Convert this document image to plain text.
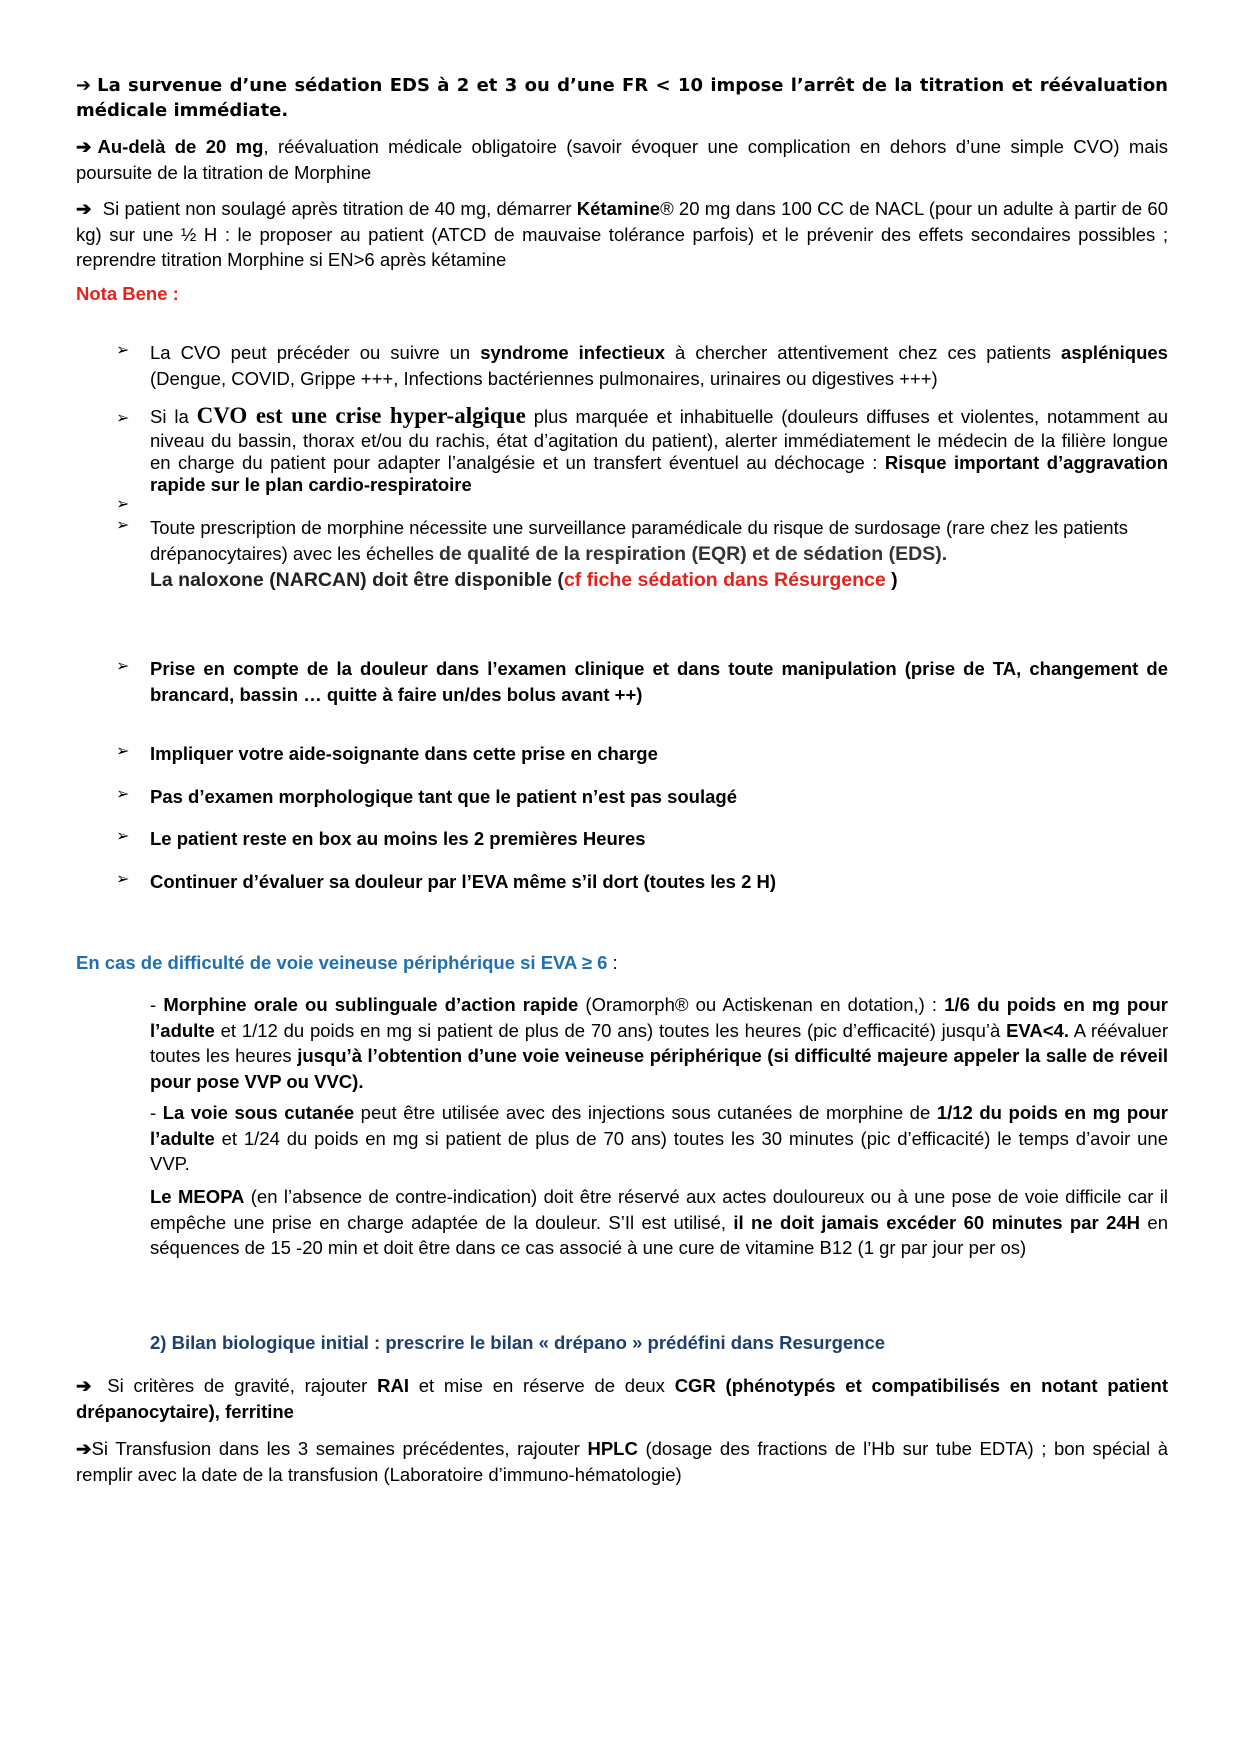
➔ La survenue d’une sédation EDS à 2 et 3 ou d’une FR < 10 impose l’arrêt de la titration et réévaluation médicale immédiate.

➔ Au-delà de 20 mg, réévaluation médicale obligatoire (savoir évoquer une complication en dehors d’une simple CVO) mais poursuite de la titration de Morphine

➔ Si patient non soulagé après titration de 40 mg, démarrer Kétamine® 20 mg dans 100 CC de NACL (pour un adulte à partir de 60 kg) sur une ½ H : le proposer au patient (ATCD de mauvaise tolérance parfois) et le prévenir des effets secondaires possibles ; reprendre titration Morphine si EN>6 après kétamine

Nota Bene :

➢ La CVO peut précéder ou suivre un syndrome infectieux à chercher attentivement chez ces patients aspléniques (Dengue, COVID, Grippe +++, Infections bactériennes pulmonaires, urinaires ou digestives +++)

➢ Si la CVO est une crise hyper-algique plus marquée et inhabituelle (douleurs diffuses et violentes, notamment au niveau du bassin, thorax et/ou du rachis, état d’agitation du patient), alerter immédiatement le médecin de la filière longue en charge du patient pour adapter l’analgésie et un transfert éventuel au déchocage : Risque important d’aggravation rapide sur le plan cardio-respiratoire

➢
➢ Toute prescription de morphine nécessite une surveillance paramédicale du risque de surdosage (rare chez les patients drépanocytaires) avec les échelles de qualité de la respiration (EQR) et de sédation (EDS).
La naloxone (NARCAN) doit être disponible (cf fiche sédation dans Résurgence )

➢ Prise en compte de la douleur dans l’examen clinique et dans toute manipulation (prise de TA, changement de brancard, bassin … quitte à faire un/des bolus avant ++)

➢ Impliquer votre aide-soignante dans cette prise en charge

➢ Pas d’examen morphologique tant que le patient n’est pas soulagé

➢ Le patient reste en box au moins les 2 premières Heures

➢ Continuer d’évaluer sa douleur par l’EVA même s’il dort (toutes les 2 H)

En cas de difficulté de voie veineuse périphérique si EVA ≥ 6 :

- Morphine orale ou sublinguale d’action rapide (Oramorph® ou Actiskenan en dotation,) : 1/6 du poids en mg pour l’adulte et 1/12 du poids en mg si patient de plus de 70 ans) toutes les heures (pic d’efficacité) jusqu’à EVA<4. A réévaluer toutes les heures jusqu’à l’obtention d’une voie veineuse périphérique (si difficulté majeure appeler la salle de réveil pour pose VVP ou VVC).

- La voie sous cutanée peut être utilisée avec des injections sous cutanées de morphine de 1/12 du poids en mg pour l’adulte et 1/24 du poids en mg si patient de plus de 70 ans) toutes les 30 minutes (pic d’efficacité) le temps d’avoir une VVP.

Le MEOPA (en l’absence de contre-indication) doit être réservé aux actes douloureux ou à une pose de voie difficile car il empêche une prise en charge adaptée de la douleur. S’Il est utilisé, il ne doit jamais excéder 60 minutes par 24H en séquences de 15 -20 min et doit être dans ce cas associé à une cure de vitamine B12 (1 gr par jour per os)

2) Bilan biologique initial : prescrire le bilan « drépano » prédéfini dans Resurgence

➔ Si critères de gravité, rajouter RAI et mise en réserve de deux CGR (phénotypés et compatibilisés en notant patient drépanocytaire), ferritine

➔Si Transfusion dans les 3 semaines précédentes, rajouter HPLC (dosage des fractions de l’Hb sur tube EDTA) ; bon spécial à remplir avec la date de la transfusion (Laboratoire d’immuno-hématologie)
